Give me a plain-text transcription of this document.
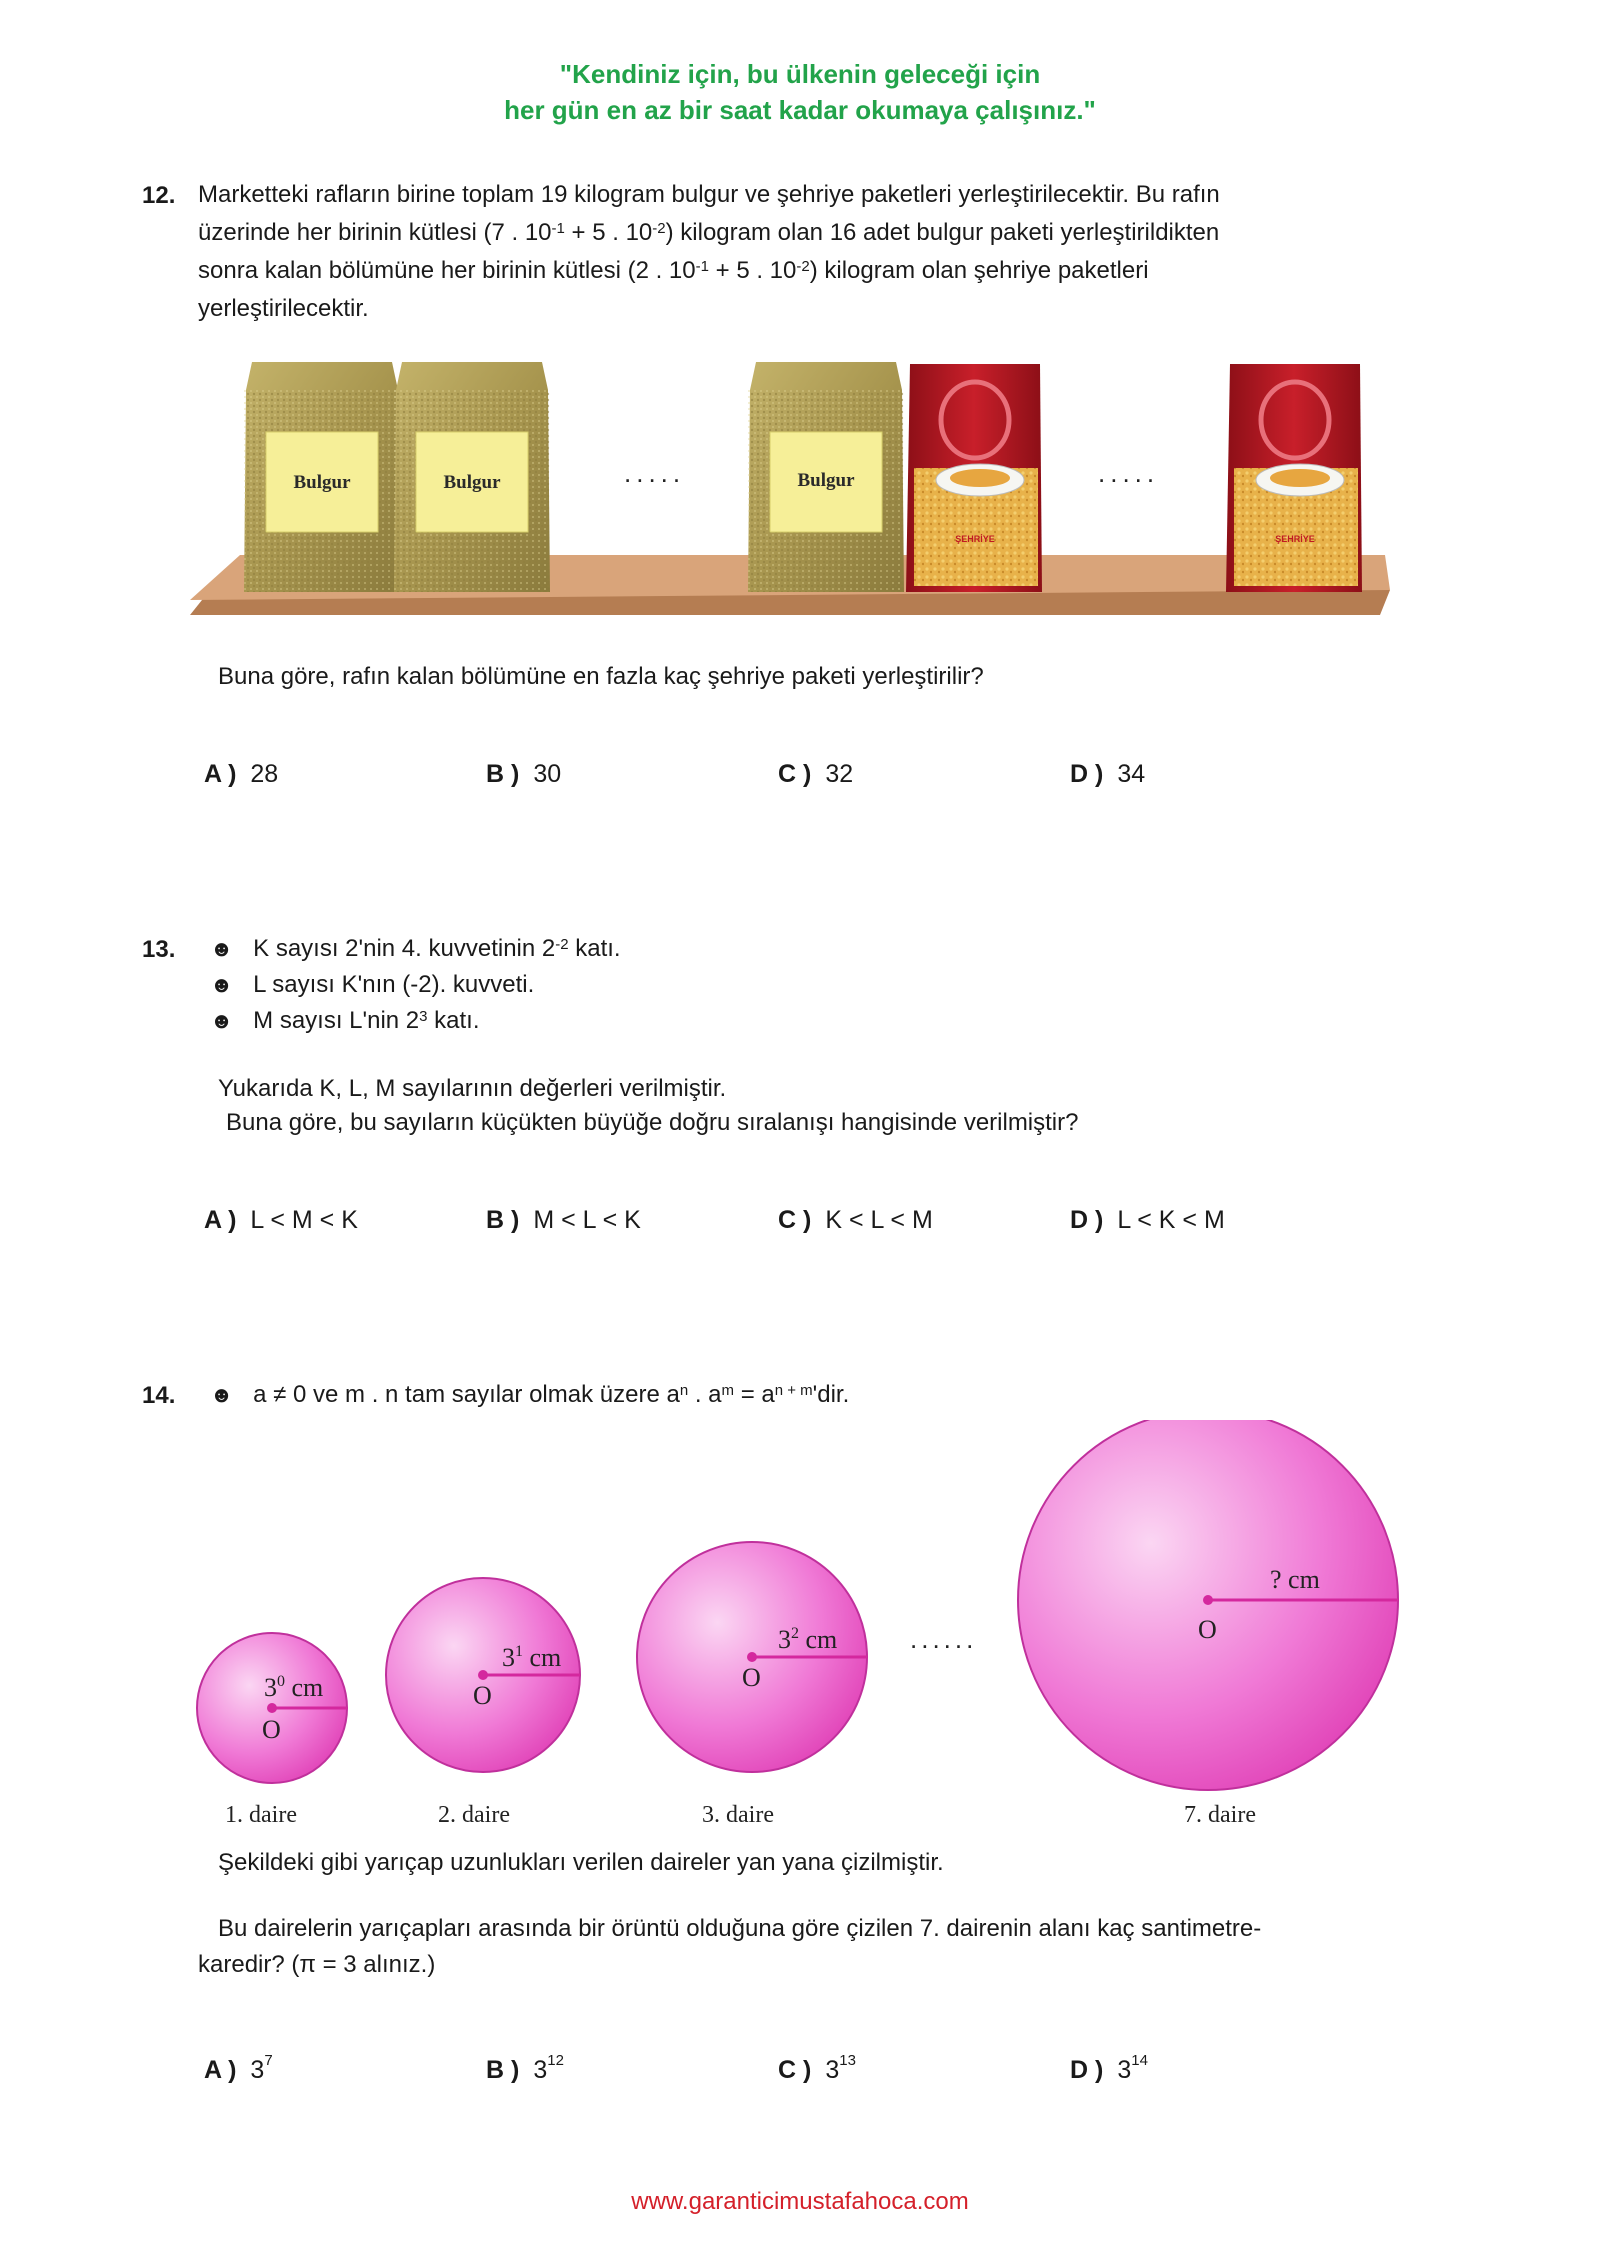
"Kendiniz için, bu ülkenin geleceği için
her gün en az bir saat kadar okumaya çalışınız."
12. Marketteki rafların birine toplam 19 kilogram bulgur ve şehriye paketleri yerleştirilecektir. Bu rafın
üzerinde her birinin kütlesi (7 . $10^{-1} + 5$ . $10^{-2}$) kilogram olan 16 adet bulgur paketi yerleştirildikten
sonra kalan bölümüne her birinin kütlesi (2 . $10^{-1} + 5$ . $10^{-2}$) kilogram olan şehriye paketleri
yerleştirilecektir.
Bulgur	Bulgur	.....	Bulgur
ŞEHRİYE
.....
ŞEHRİYE
Buna göre, rafın kalan bölümüne en fazla kaç şehriye paketi yerleştirilir?
A ) 28	B ) 30	C ) 32	D ) 34
13. ☻ K sayısı 2'nin 4. kuvvetinin $2^{-2}$ katı.
☻ L sayısı K'nın (-2). kuvveti.
☻ M sayısı L'nin $2^3$ katı.
Yukarıda K, L, M sayılarının değerleri verilmiştir.
Buna göre, bu sayıların küçükten büyüğe doğru sıralanışı hangisinde verilmiştir?
A ) L < M < K	B ) M < L < K	C ) K < L < M	D ) L < K < M
14. ☻ a ≠ 0 ve m . n tam sayılar olmak üzere $a^n$ . $a^m = a^{n + m}'dir$.
$3^0$ cm
O
$3^1$ cm
O
$3^2$ cm
O
......
? cm
O
1. daire	2. daire	3. daire	7. daire
Şekildeki gibi yarıçap uzunlukları verilen daireler yan yana çizilmiştir.
Bu dairelerin yarıçapları arasında bir örüntü olduğuna göre çizilen 7. dairenin alanı kaç santimetre-
karedir? (π = 3 alınız.)
A ) $3^7$	B ) $3^{12}$	C ) $3^{13}$	D ) $3^{14}$
www.garanticimustafahoca.com
